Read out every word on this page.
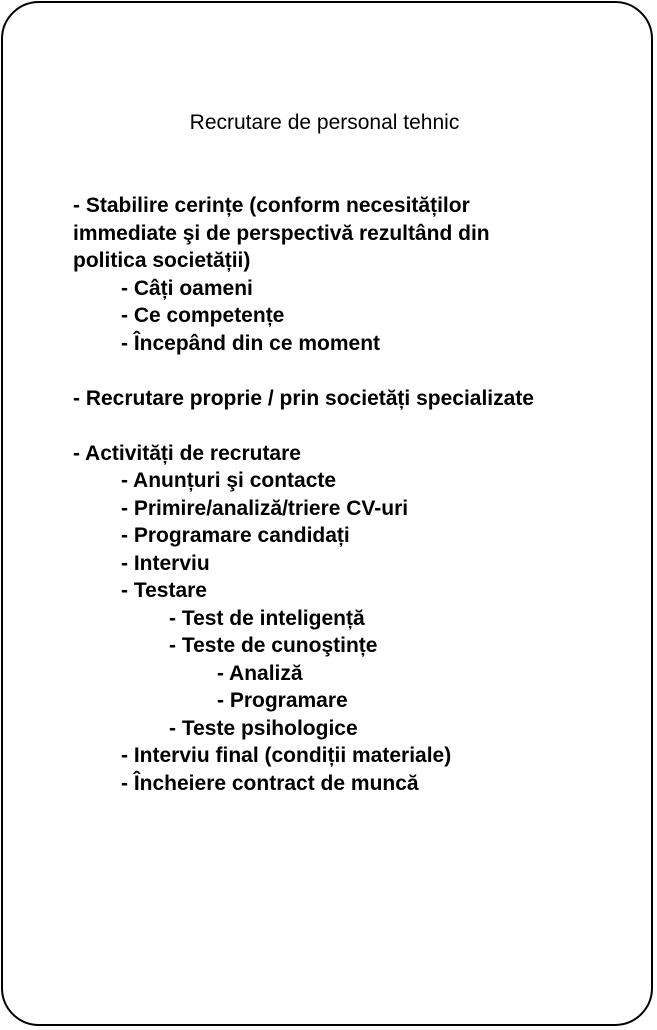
Recrutare de personal tehnic
- Stabilire cerințe (conform necesităților
immediate şi de perspectivă rezultând din
politica societății)
- Câți oameni
- Ce competențe
- Începând din ce moment
- Recrutare proprie / prin societăți specializate
- Activități de recrutare
- Anunțuri şi contacte
- Primire/analiză/triere CV-uri
- Programare candidați
- Interviu
- Testare
- Test de inteligență
- Teste de cunoştințe
- Analiză
- Programare
- Teste psihologice
- Interviu final (condiții materiale)
- Încheiere contract de muncă
